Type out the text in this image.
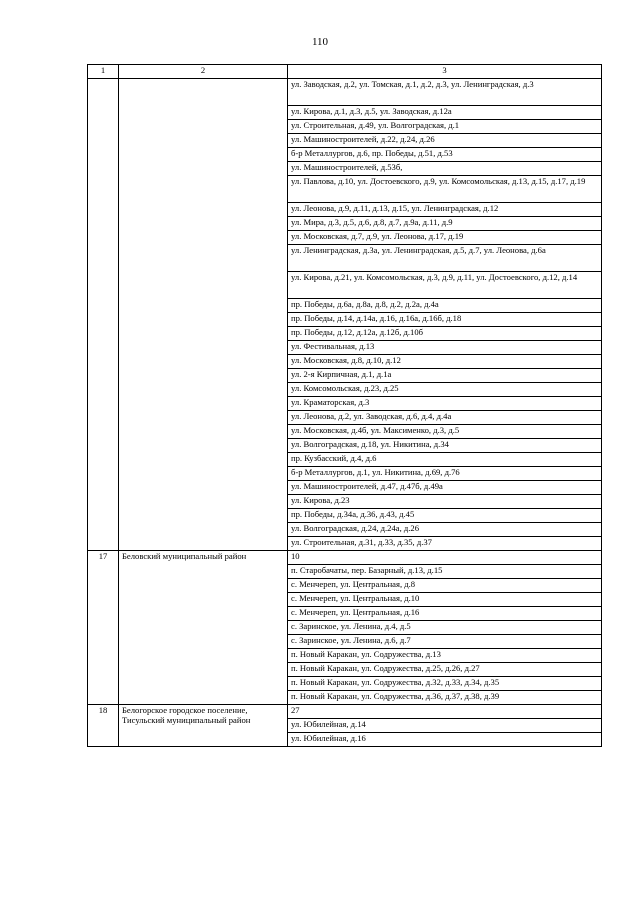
110
1	2	3
		ул. Заводская, д.2, ул. Томская, д.1, д.2, д.3, ул. Ленинградская, д.3
		ул. Кирова, д.1, д.3, д.5, ул. Заводская, д.12а
		ул. Строительная, д.49, ул. Волгоградская, д.1
		ул. Машиностроителей, д.22, д.24, д.26
		б-р Металлургов, д.6, пр. Победы, д.51, д.53
		ул. Машиностроителей, д.53б,
		ул. Павлова, д.10, ул. Достоевского, д.9, ул. Комсомольская, д.13, д.15, д.17, д.19
		ул. Леонова, д.9, д.11, д.13, д.15, ул. Ленинградская, д.12
		ул. Мира, д.3, д.5, д.6, д.8, д.7, д.9а, д.11, д.9
		ул. Московская, д.7, д.9, ул. Леонова, д.17, д.19
		ул. Ленинградская, д.3а, ул. Ленинградская, д.5, д.7, ул. Леонова, д.6а
		ул. Кирова, д.21, ул. Комсомольская, д.3, д.9, д.11, ул. Достоевского, д.12, д.14
		пр. Победы, д.6а, д.8а, д.8, д.2, д.2а, д.4а
		пр. Победы, д.14, д.14а, д.16, д.16а, д.16б, д.18
		пр. Победы, д.12, д.12а, д.12б, д.10б
		ул. Фестивальная, д.13
		ул. Московская, д.8, д.10, д.12
		ул. 2-я Кирпичная, д.1, д.1а
		ул. Комсомольская, д.23, д.25
		ул. Краматорская, д.3
		ул. Леонова, д.2, ул. Заводская, д.6, д.4, д.4а
		ул. Московская, д.4б, ул. Максименко, д.3, д.5
		ул. Волгоградская, д.18, ул. Никитина, д.34
		пр. Кузбасский, д.4, д.6
		б-р Металлургов, д.1, ул. Никитина, д.69, д.76
		ул. Машиностроителей, д.47, д.47б, д.49а
		ул. Кирова, д.23
		пр. Победы, д.34а, д.36, д.43, д.45
		ул. Волгоградская, д.24, д.24а, д.26
		ул. Строительная, д.31, д.33, д.35, д.37
17	Беловский муниципальный район	10
		п. Старобачаты, пер. Базарный, д.13, д.15
		с. Менчереп, ул. Центральная, д.8
		с. Менчереп, ул. Центральная, д.10
		с. Менчереп, ул. Центральная, д.16
		с. Заринское, ул. Ленина, д.4, д.5
		с. Заринское, ул. Ленина, д.6, д.7
		п. Новый Каракан, ул. Содружества, д.13
		п. Новый Каракан, ул. Содружества, д.25, д.26, д.27
		п. Новый Каракан, ул. Содружества, д.32, д.33, д.34, д.35
		п. Новый Каракан, ул. Содружества, д.36, д.37, д.38, д.39
18	Белогорское городское поселение, Тисульский муниципальный район	27
		ул. Юбилейная, д.14
		ул. Юбилейная, д.16
